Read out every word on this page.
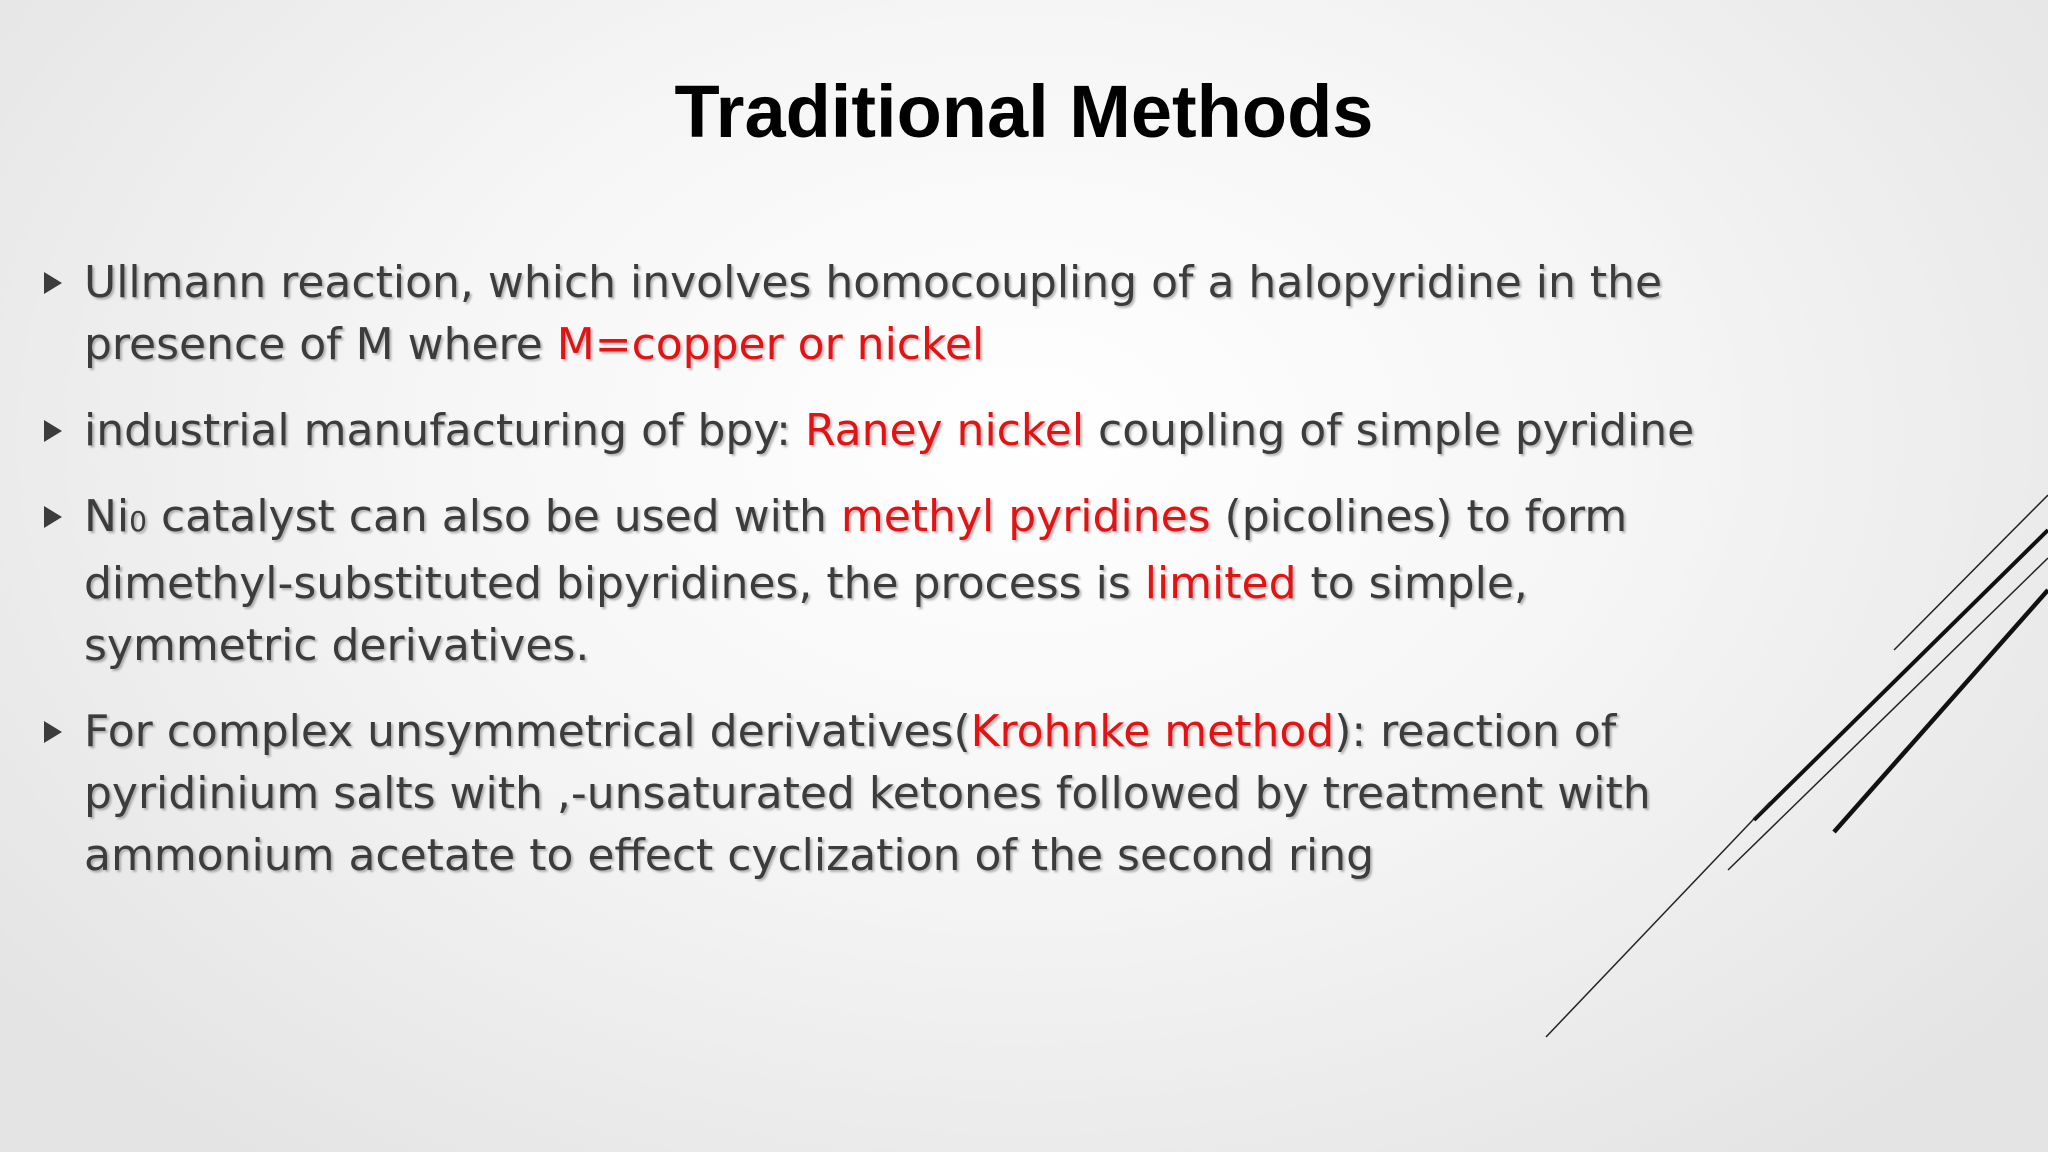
Traditional Methods
Ullmann reaction, which involves homocoupling of a halopyridine in the
presence of M where M=copper or nickel
industrial manufacturing of bpy: Raney nickel coupling of simple pyridine
Ni0 catalyst can also be used with methyl pyridines (picolines) to form
dimethyl-substituted bipyridines, the process is limited to simple,
symmetric derivatives.
For complex unsymmetrical derivatives(Krohnke method): reaction of
pyridinium salts with ,-unsaturated ketones followed by treatment with
ammonium acetate to effect cyclization of the second ring
